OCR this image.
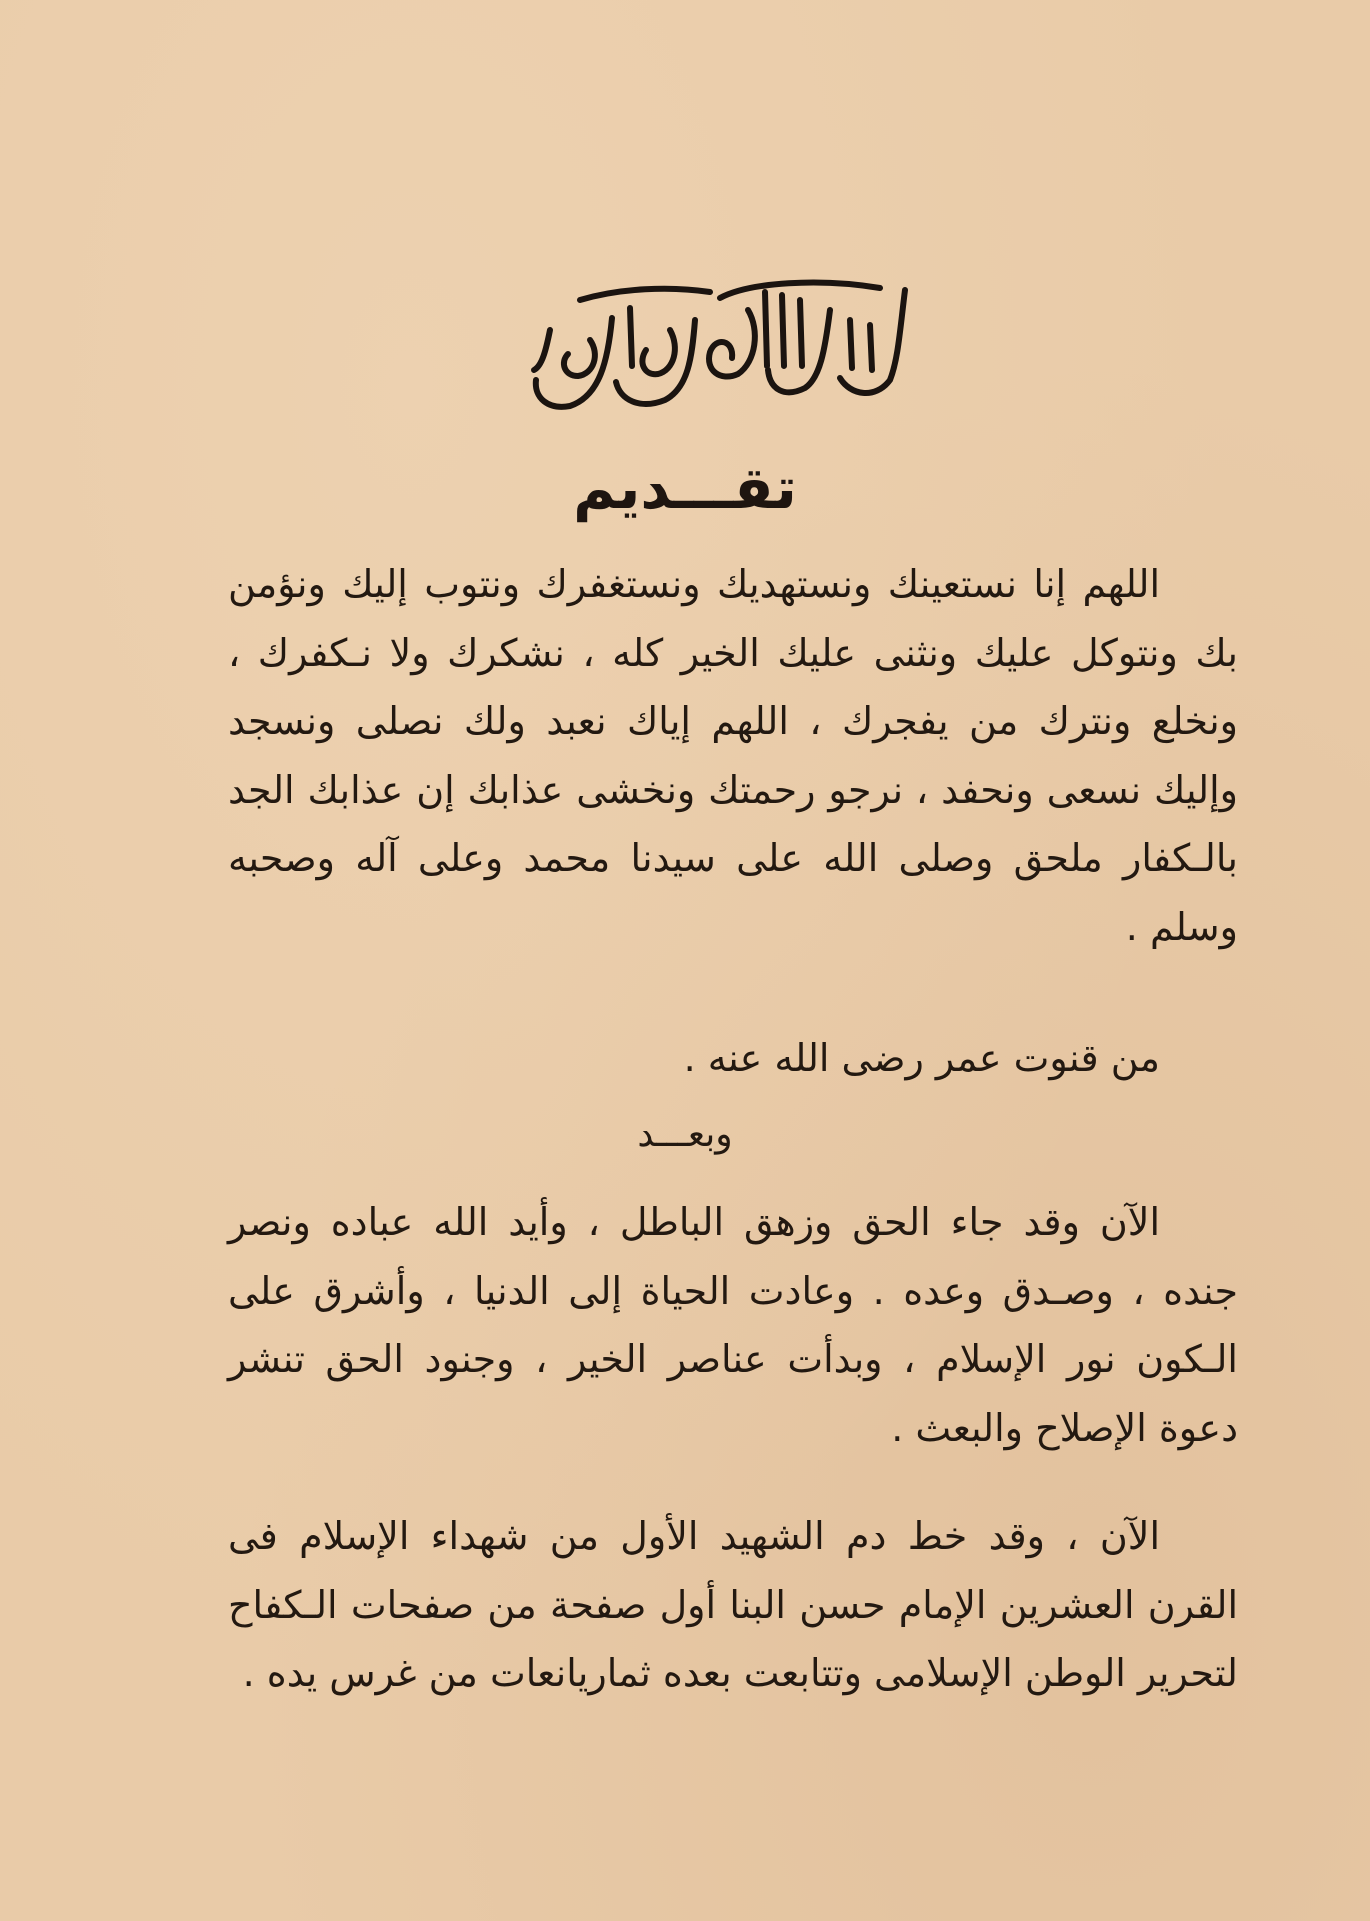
تقـــديم

اللهم إنا نستعينك ونستهديك ونستغفرك ونتوب إليك ونؤمن بك ونتوكل عليك ونثنى عليك الخير كله ، نشكرك ولا نـكفرك ، ونخلع ونترك من يفجرك ، اللهم إياك نعبد ولك نصلى ونسجد وإليك نسعى ونحفد ، نرجو رحمتك ونخشى عذابك إن عذابك الجد بالـكفار ملحق وصلى الله على سيدنا محمد وعلى آله وصحبه وسلم .

من قنوت عمر رضى الله عنه .

وبعـــد

الآن وقد جاء الحق وزهق الباطل ، وأيد الله عباده ونصر جنده ، وصـدق وعده . وعادت الحياة إلى الدنيا ، وأشرق على الـكون نور الإسلام ، وبدأت عناصر الخير ، وجنود الحق تنشر دعوة الإصلاح والبعث .

الآن ، وقد خط دم الشهيد الأول من شهداء الإسلام فى القرن العشرين الإمام حسن البنا أول صفحة من صفحات الـكفاح لتحرير الوطن الإسلامى وتتابعت بعده ثماريانعات من غرس يده .
